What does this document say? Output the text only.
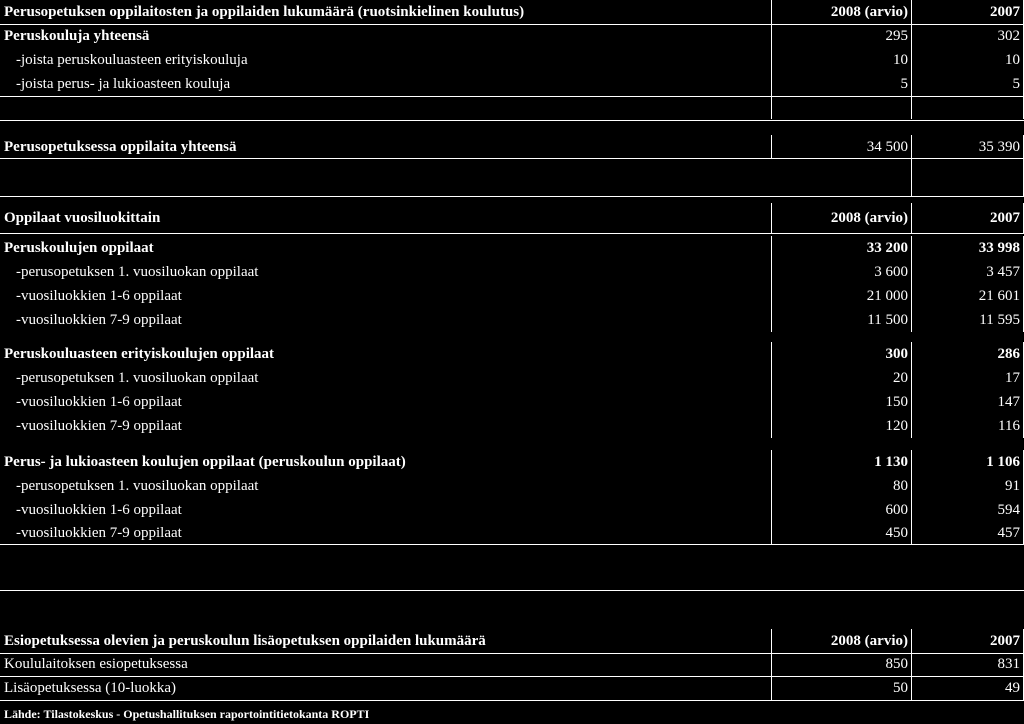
Perusopetuksen oppilaitosten ja oppilaiden lukumäärä (ruotsinkielinen koulutus)	2008 (arvio)	2007
Peruskouluja yhteensä	295	302
-joista peruskouluasteen erityiskouluja	10	10
-joista perus- ja lukioasteen kouluja	5	5
Perusopetuksessa oppilaita yhteensä	34 500	35 390
Oppilaat vuosiluokittain	2008 (arvio)	2007
Peruskoulujen oppilaat	33 200	33 998
-perusopetuksen 1. vuosiluokan oppilaat	3 600	3 457
-vuosiluokkien 1-6 oppilaat	21 000	21 601
-vuosiluokkien 7-9 oppilaat	11 500	11 595
Peruskouluasteen erityiskoulujen oppilaat	300	286
-perusopetuksen 1. vuosiluokan oppilaat	20	17
-vuosiluokkien 1-6 oppilaat	150	147
-vuosiluokkien 7-9 oppilaat	120	116
Perus- ja lukioasteen koulujen oppilaat (peruskoulun oppilaat)	1 130	1 106
-perusopetuksen 1. vuosiluokan oppilaat	80	91
-vuosiluokkien 1-6 oppilaat	600	594
-vuosiluokkien 7-9 oppilaat	450	457
Esiopetuksessa olevien ja peruskoulun lisäopetuksen oppilaiden lukumäärä	2008 (arvio)	2007
Koululaitoksen esiopetuksessa	850	831
Lisäopetuksessa (10-luokka)	50	49
Lähde: Tilastokeskus - Opetushallituksen raportointitietokanta ROPTI
